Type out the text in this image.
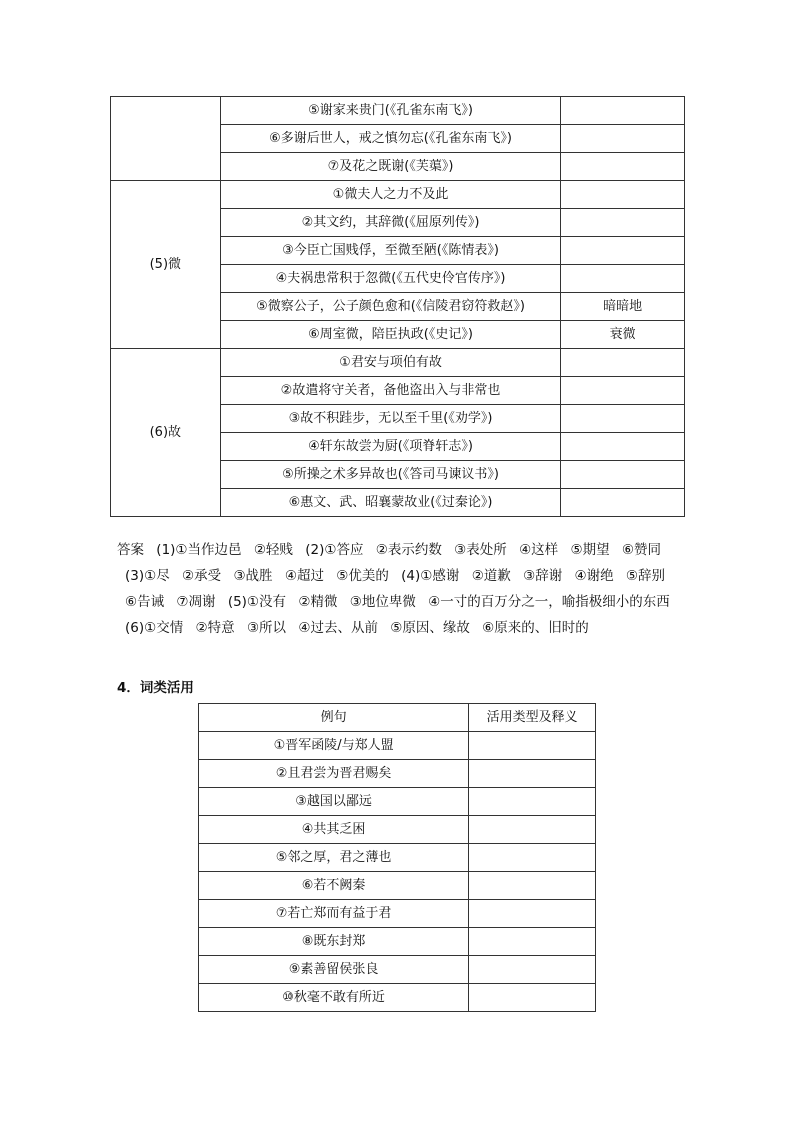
	⑤谢家来贵门(《孔雀东南飞》)	
	⑥多谢后世人，戒之慎勿忘(《孔雀东南飞》)	
	⑦及花之既谢(《芙蕖》)	
(5)微	①微夫人之力不及此	
	②其文约，其辞微(《屈原列传》)	
	③今臣亡国贱俘，至微至陋(《陈情表》)	
	④夫祸患常积于忽微(《五代史伶官传序》)	
	⑤微察公子，公子颜色愈和(《信陵君窃符救赵》)	暗暗地
	⑥周室微，陪臣执政(《史记》)	衰微
(6)故	①君安与项伯有故	
	②故遣将守关者，备他盗出入与非常也	
	③故不积跬步，无以至千里(《劝学》)	
	④轩东故尝为厨(《项脊轩志》)	
	⑤所操之术多异故也(《答司马谏议书》)	
	⑥惠文、武、昭襄蒙故业(《过秦论》)	
答案 (1)①当作边邑 ②轻贱 (2)①答应 ②表示约数 ③表处所 ④这样 ⑤期望 ⑥赞同 (3)①尽 ②承受 ③战胜 ④超过 ⑤优美的 (4)①感谢 ②道歉 ③辞谢 ④谢绝 ⑤辞别 ⑥告诫 ⑦凋谢 (5)①没有 ②精微 ③地位卑微 ④一寸的百万分之一，喻指极细小的东西 (6)①交情 ②特意 ③所以 ④过去、从前 ⑤原因、缘故 ⑥原来的、旧时的
4．词类活用
例句	活用类型及释义
①晋军函陵/与郑人盟	
②且君尝为晋君赐矣	
③越国以鄙远	
④共其乏困	
⑤邻之厚，君之薄也	
⑥若不阙秦	
⑦若亡郑而有益于君	
⑧既东封郑	
⑨素善留侯张良	
⑩秋毫不敢有所近	
